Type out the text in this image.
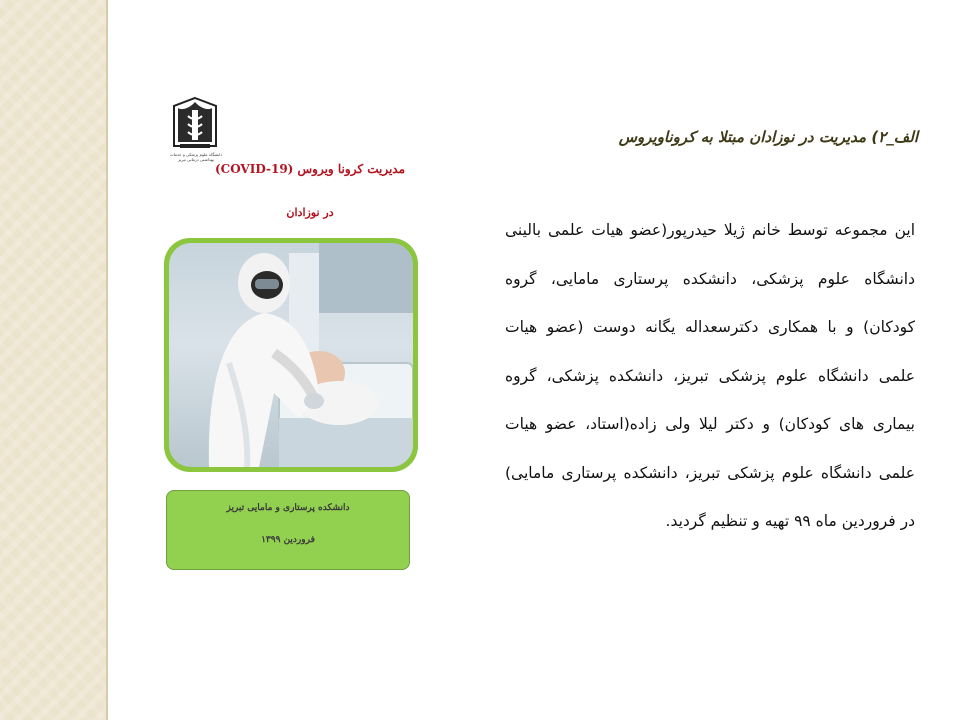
دانشگاه علوم پزشکی و خدمات بهداشتی درمانی تبریز
مدیریت کرونا ویروس (COVID-19)
در نوزادان
دانشکده پرستاری و مامایی تبریز
فروردین ۱۳۹۹
الف_۲) مدیریت در نوزادان مبتلا به کروناویروس
این مجموعه توسط خانم ژیلا حیدرپور(عضو هیات علمی بالینی دانشگاه علوم پزشکی، دانشکده پرستاری مامایی، گروه کودکان) و با همکاری دکترسعداله یگانه دوست (عضو هیات علمی دانشگاه علوم پزشکی تبریز، دانشکده پزشکی، گروه بیماری های کودکان) و دکتر لیلا ولی زاده(استاد، عضو هیات علمی دانشگاه علوم پزشکی تبریز، دانشکده پرستاری مامایی) در فروردین ماه ۹۹ تهیه و تنظیم گردید.
